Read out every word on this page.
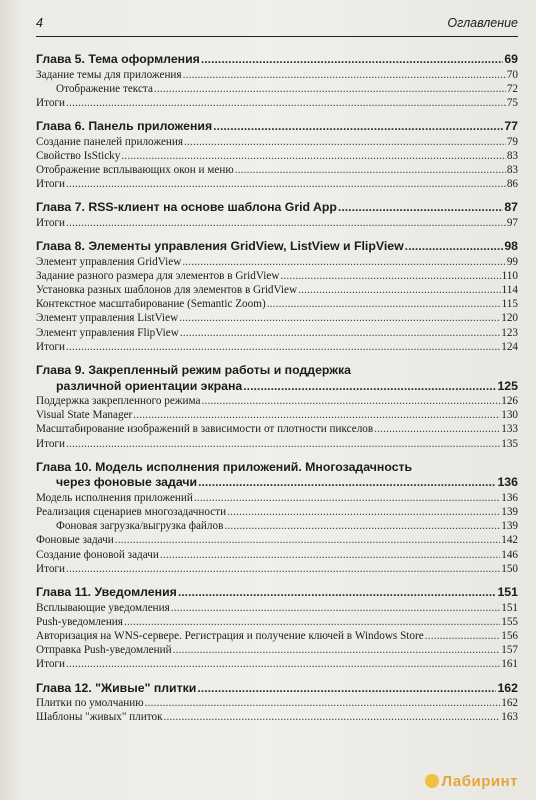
4	Оглавление
Глава 5. Тема оформления .....	69
Задание темы для приложения .....	70
Отображение текста .....	72
Итоги .....	75
Глава 6. Панель приложения .....	77
Создание панелей приложения .....	79
Свойство IsSticky .....	83
Отображение всплывающих окон и меню .....	83
Итоги .....	86
Глава 7. RSS-клиент на основе шаблона Grid App .....	87
Итоги .....	97
Глава 8. Элементы управления GridView, ListView и FlipView .....	98
Элемент управления GridView .....	99
Задание разного размера для элементов в GridView .....	110
Установка разных шаблонов для элементов в GridView .....	114
Контекстное масштабирование (Semantic Zoom) .....	115
Элемент управления ListView .....	120
Элемент управления FlipView .....	123
Итоги .....	124
Глава 9. Закрепленный режим работы и поддержка
различной ориентации экрана .....	125
Поддержка закрепленного режима .....	126
Visual State Manager .....	130
Масштабирование изображений в зависимости от плотности пикселов .....	133
Итоги .....	135
Глава 10. Модель исполнения приложений. Многозадачность
через фоновые задачи .....	136
Модель исполнения приложений .....	136
Реализация сценариев многозадачности .....	139
Фоновая загрузка/выгрузка файлов .....	139
Фоновые задачи .....	142
Создание фоновой задачи .....	146
Итоги .....	150
Глава 11. Уведомления .....	151
Всплывающие уведомления .....	151
Push-уведомления .....	155
Авторизация на WNS-сервере. Регистрация и получение ключей в Windows Store .....	156
Отправка Push-уведомлений .....	157
Итоги .....	161
Глава 12. "Живые" плитки .....	162
Плитки по умолчанию .....	162
Шаблоны "живых" плиток .....	163
Лабиринт
